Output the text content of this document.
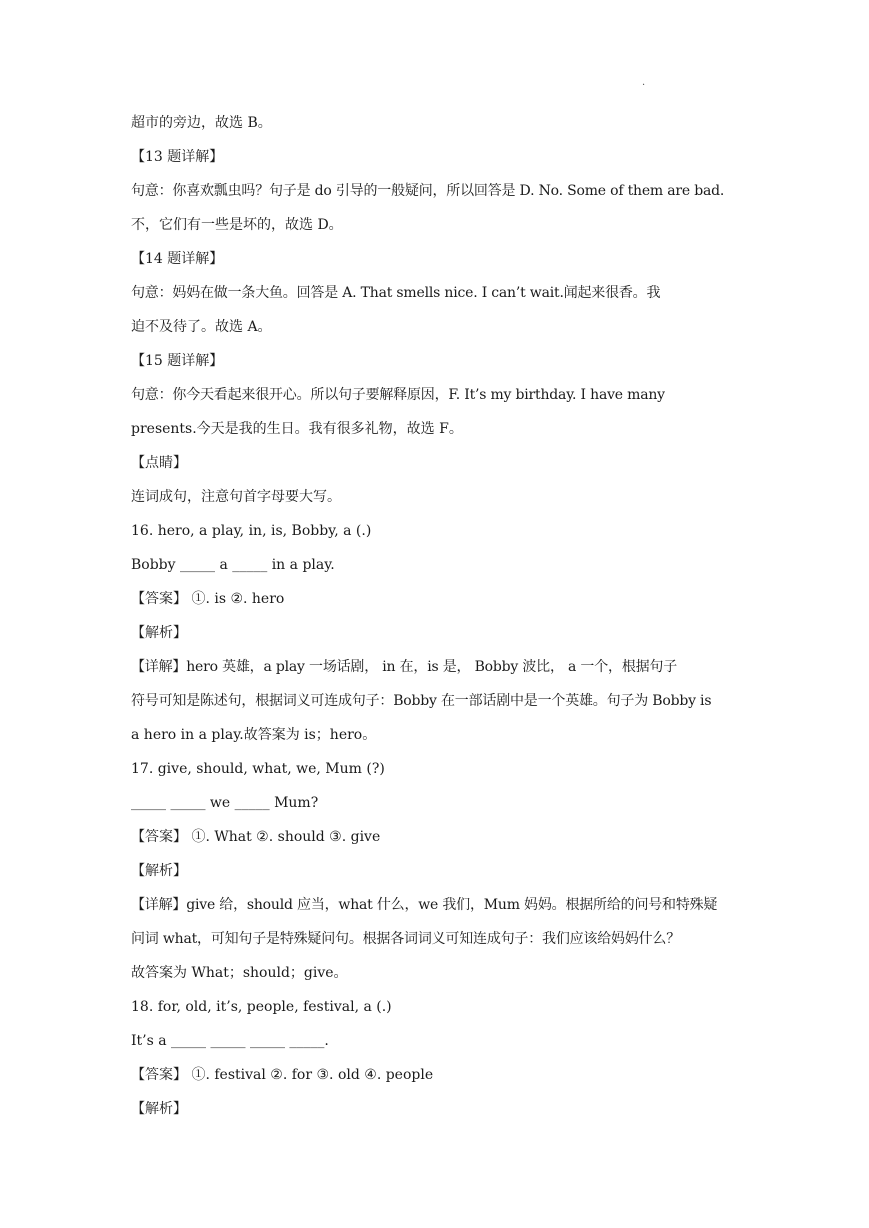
·
超市的旁边，故选 B。
【13 题详解】
句意：你喜欢瓢虫吗？句子是 do 引导的一般疑问，所以回答是 D. No. Some of them are bad.
不，它们有一些是坏的，故选 D。
【14 题详解】
句意：妈妈在做一条大鱼。回答是 A. That smells nice. I can’t wait.闻起来很香。我
迫不及待了。故选 A。
【15 题详解】
句意：你今天看起来很开心。所以句子要解释原因，F. It’s my birthday. I have many
presents.今天是我的生日。我有很多礼物，故选 F。
【点睛】
连词成句，注意句首字母要大写。
16. hero, a play, in, is, Bobby, a (.)
Bobby _____ a _____ in a play.
【答案】 ①. is ②. hero
【解析】
【详解】hero 英雄，a play 一场话剧， in 在，is 是， Bobby 波比， a 一个，根据句子
符号可知是陈述句，根据词义可连成句子：Bobby 在一部话剧中是一个英雄。句子为 Bobby is
a hero in a play.故答案为 is；hero。
17. give, should, what, we, Mum (?)
_____ _____ we _____ Mum?
【答案】 ①. What ②. should ③. give
【解析】
【详解】give 给，should 应当，what 什么，we 我们，Mum 妈妈。根据所给的问号和特殊疑
问词 what，可知句子是特殊疑问句。根据各词词义可知连成句子：我们应该给妈妈什么？
故答案为 What；should；give。
18. for, old, it’s, people, festival, a (.)
It’s a _____ _____ _____ _____.
【答案】 ①. festival ②. for ③. old ④. people
【解析】
